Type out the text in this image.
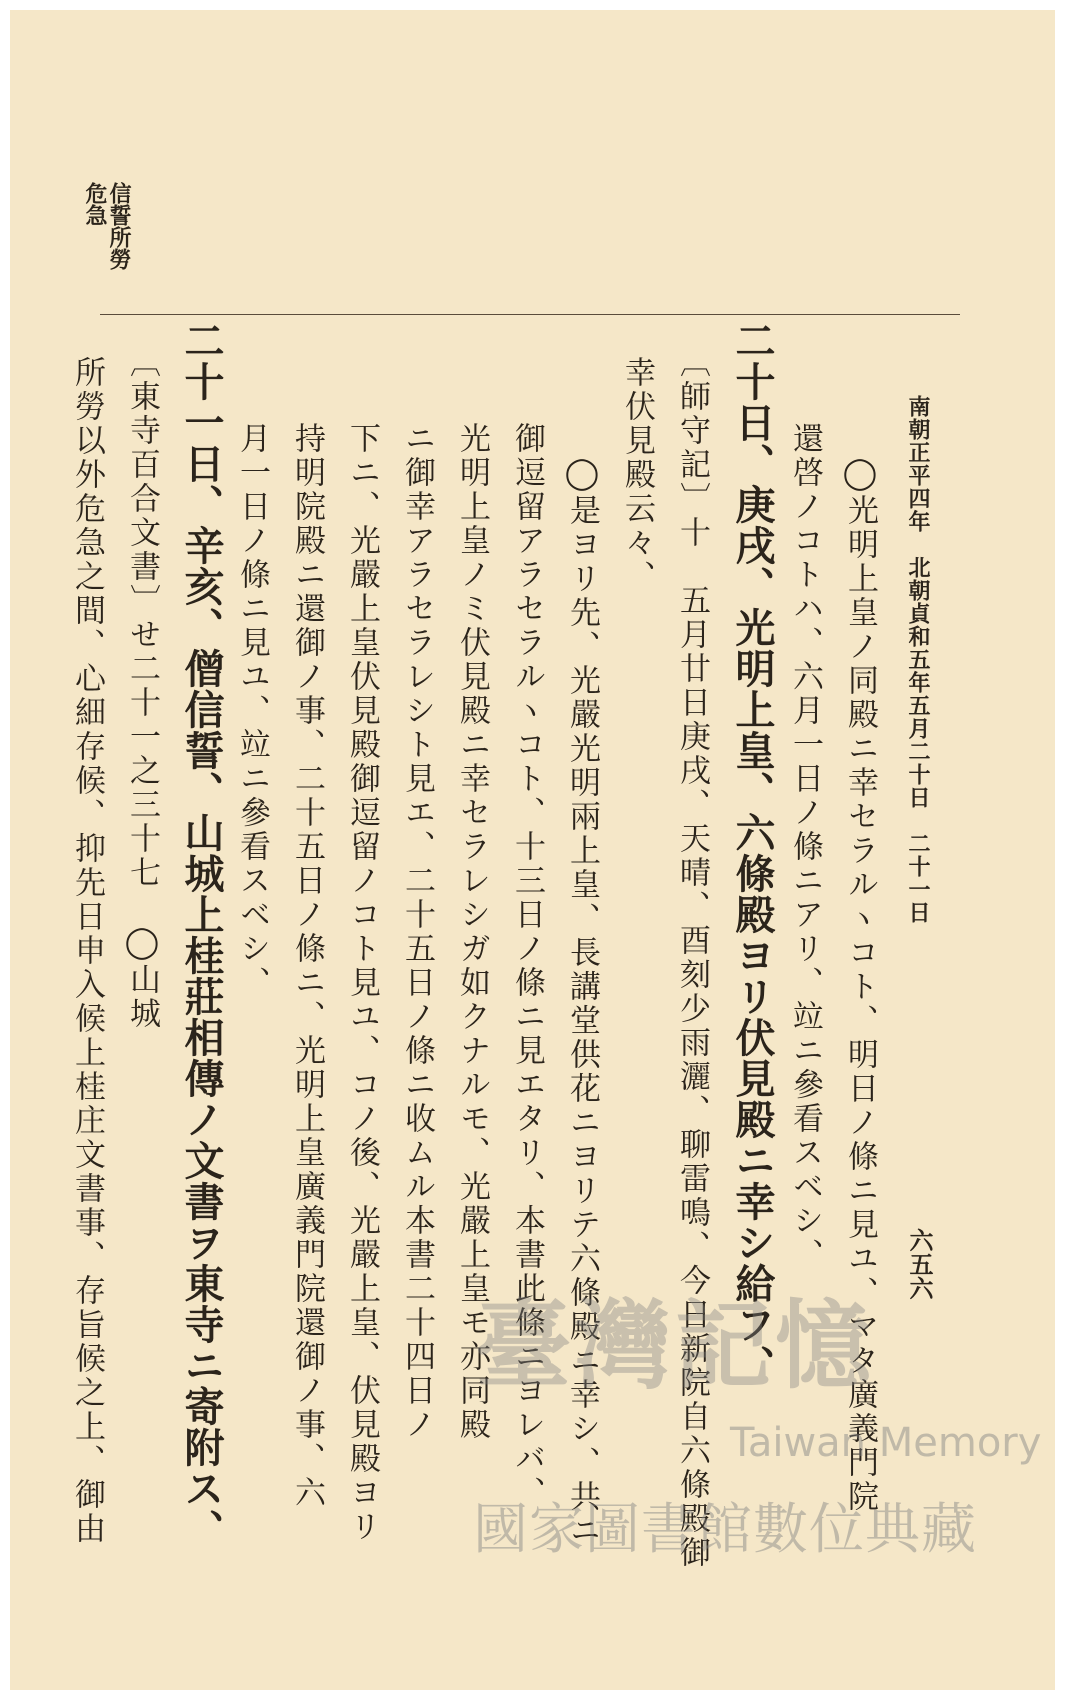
南朝正平四年　北朝貞和五年五月二十日　二十一日
六五六
信誓所勞
危急
◯光明上皇ノ同殿ニ幸セラルヽコト、明日ノ條ニ見ユ、マタ廣義門院
還啓ノコトハ、六月一日ノ條ニアリ、竝ニ參看スベシ、
二十日、庚戌、光明上皇、六條殿ヨリ伏見殿ニ幸シ給フ、
〔師守記〕十　五月廿日庚戌、天晴、酉刻少雨灑、聊雷鳴、今日新院自六條殿御
幸伏見殿云々、
◯是ヨリ先、光嚴光明兩上皇、長講堂供花ニヨリテ六條殿ニ幸シ、共ニ
御逗留アラセラルヽコト、十三日ノ條ニ見エタリ、本書此條ニヨレバ、
光明上皇ノミ伏見殿ニ幸セラレシガ如クナルモ、光嚴上皇モ亦同殿
ニ御幸アラセラレシト見エ、二十五日ノ條ニ收ムル本書二十四日ノ
下ニ、光嚴上皇伏見殿御逗留ノコト見ユ、コノ後、光嚴上皇、伏見殿ヨリ
持明院殿ニ還御ノ事、二十五日ノ條ニ、光明上皇廣義門院還御ノ事、六
月一日ノ條ニ見ユ、竝ニ參看スベシ、
二十一日、辛亥、僧信誓、山城上桂莊相傳ノ文書ヲ東寺ニ寄附ス、
〔東寺百合文書〕せ二十一之三十七　◯山城
所勞以外危急之間、心細存候、抑先日申入候上桂庄文書事、存旨候之上、御由	臺灣記憶
Taiwan Memory
國家圖書館數位典藏
